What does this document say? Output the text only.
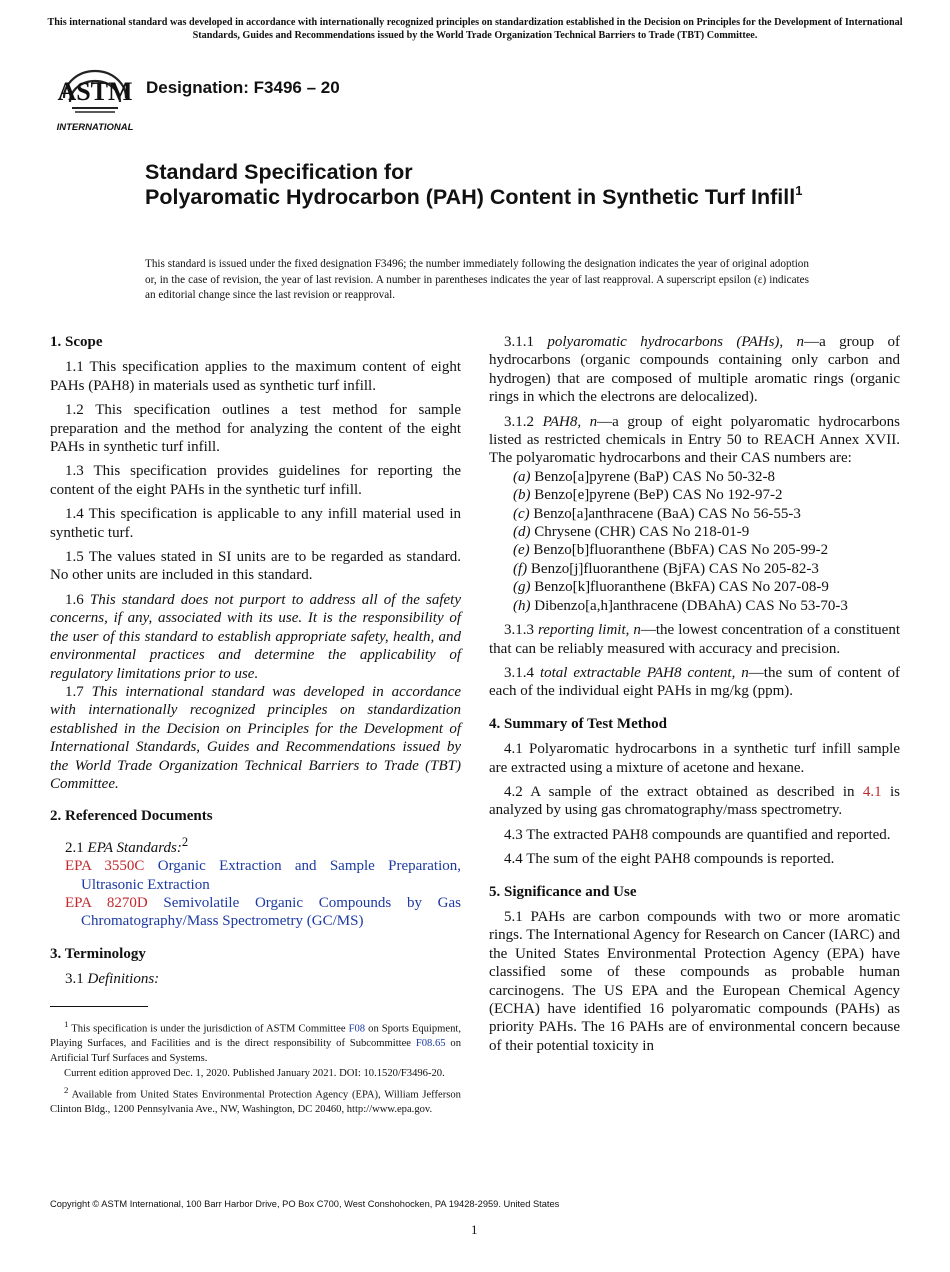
This international standard was developed in accordance with internationally recognized principles on standardization established in the Decision on Principles for the Development of International Standards, Guides and Recommendations issued by the World Trade Organization Technical Barriers to Trade (TBT) Committee.
ASTM
INTERNATIONAL
Designation: F3496 – 20
Standard Specification for
Polyaromatic Hydrocarbon (PAH) Content in Synthetic Turf Infill$^1$
This standard is issued under the fixed designation F3496; the number immediately following the designation indicates the year of original adoption or, in the case of revision, the year of last revision. A number in parentheses indicates the year of last reapproval. A superscript epsilon (ε) indicates an editorial change since the last revision or reapproval.
1. Scope

1.1 This specification applies to the maximum content of eight PAHs (PAH8) in materials used as synthetic turf infill.

1.2 This specification outlines a test method for sample preparation and the method for analyzing the content of the eight PAHs in synthetic turf infill.

1.3 This specification provides guidelines for reporting the content of the eight PAHs in the synthetic turf infill.

1.4 This specification is applicable to any infill material used in synthetic turf.

1.5 The values stated in SI units are to be regarded as standard. No other units are included in this standard.

1.6 This standard does not purport to address all of the safety concerns, if any, associated with its use. It is the responsibility of the user of this standard to establish appropriate safety, health, and environmental practices and determine the applicability of regulatory limitations prior to use.

1.7 This international standard was developed in accordance with internationally recognized principles on standardization established in the Decision on Principles for the Development of International Standards, Guides and Recommendations issued by the World Trade Organization Technical Barriers to Trade (TBT) Committee.

2. Referenced Documents

2.1 EPA Standards:$^2$

EPA 3550C Organic Extraction and Sample Preparation, Ultrasonic Extraction
EPA 8270D Semivolatile Organic Compounds by Gas Chromatography/Mass Spectrometry (GC/MS)
3. Terminology

3.1 Definitions:

$^1$ This specification is under the jurisdiction of ASTM Committee F08 on Sports Equipment, Playing Surfaces, and Facilities and is the direct responsibility of Subcommittee F08.65 on Artificial Turf Surfaces and Systems.

Current edition approved Dec. 1, 2020. Published January 2021. DOI: 10.1520/F3496-20.

$^2$ Available from United States Environmental Protection Agency (EPA), William Jefferson Clinton Bldg., 1200 Pennsylvania Ave., NW, Washington, DC 20460, http://www.epa.gov.

3.1.1 polyaromatic hydrocarbons (PAHs), n—a group of hydrocarbons (organic compounds containing only carbon and hydrogen) that are composed of multiple aromatic rings (organic rings in which the electrons are delocalized).

3.1.2 PAH8, n—a group of eight polyaromatic hydrocarbons listed as restricted chemicals in Entry 50 to REACH Annex XVII. The polyaromatic hydrocarbons and their CAS numbers are:

(a) Benzo[a]pyrene (BaP) CAS No 50-32-8
(b) Benzo[e]pyrene (BeP) CAS No 192-97-2
(c) Benzo[a]anthracene (BaA) CAS No 56-55-3
(d) Chrysene (CHR) CAS No 218-01-9
(e) Benzo[b]fluoranthene (BbFA) CAS No 205-99-2
(f) Benzo[j]fluoranthene (BjFA) CAS No 205-82-3
(g) Benzo[k]fluoranthene (BkFA) CAS No 207-08-9
(h) Dibenzo[a,h]anthracene (DBAhA) CAS No 53-70-3

3.1.3 reporting limit, n—the lowest concentration of a constituent that can be reliably measured with accuracy and precision.

3.1.4 total extractable PAH8 content, n—the sum of content of each of the individual eight PAHs in mg/kg (ppm).

4. Summary of Test Method

4.1 Polyaromatic hydrocarbons in a synthetic turf infill sample are extracted using a mixture of acetone and hexane.

4.2 A sample of the extract obtained as described in 4.1 is analyzed by using gas chromatography/mass spectrometry.

4.3 The extracted PAH8 compounds are quantified and reported.

4.4 The sum of the eight PAH8 compounds is reported.

5. Significance and Use

5.1 PAHs are carbon compounds with two or more aromatic rings. The International Agency for Research on Cancer (IARC) and the United States Environmental Protection Agency (EPA) have classified some of these compounds as probable human carcinogens. The US EPA and the European Chemical Agency (ECHA) have identified 16 polyaromatic compounds (PAHs) as priority PAHs. The 16 PAHs are of environmental concern because of their potential toxicity in

Copyright © ASTM International, 100 Barr Harbor Drive, PO Box C700, West Conshohocken, PA 19428-2959. United States
1
